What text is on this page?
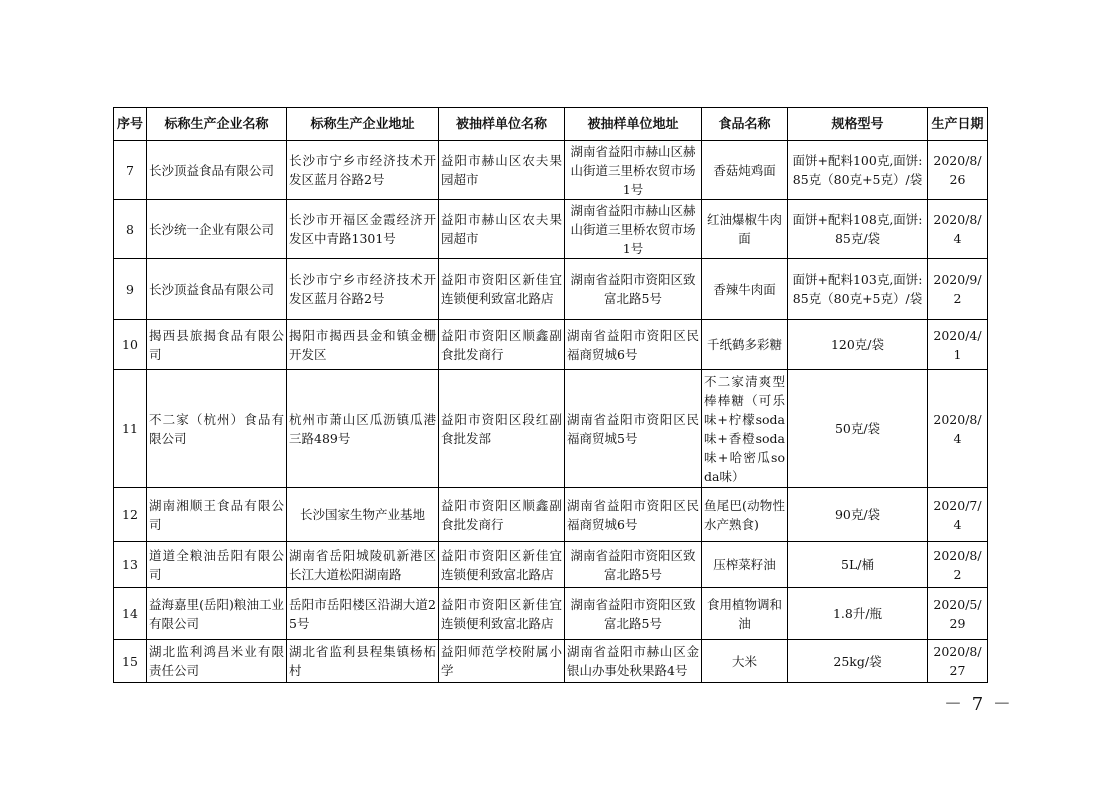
序号	标称生产企业名称	标称生产企业地址	被抽样单位名称	被抽样单位地址	食品名称	规格型号	生产日期
7	长沙顶益食品有限公司	长沙市宁乡市经济技术开发区蓝月谷路2号	益阳市赫山区农夫果园超市	湖南省益阳市赫山区赫山街道三里桥农贸市场1号	香菇炖鸡面	面饼+配料100克,面饼:85克（80克+5克）/袋	2020/8/26
8	长沙统一企业有限公司	长沙市开福区金霞经济开发区中青路1301号	益阳市赫山区农夫果园超市	湖南省益阳市赫山区赫山街道三里桥农贸市场1号	红油爆椒牛肉面	面饼+配料108克,面饼:85克/袋	2020/8/4
9	长沙顶益食品有限公司	长沙市宁乡市经济技术开发区蓝月谷路2号	益阳市资阳区新佳宜连锁便利致富北路店	湖南省益阳市资阳区致富北路5号	香辣牛肉面	面饼+配料103克,面饼:85克（80克+5克）/袋	2020/9/2
10	揭西县旅揭食品有限公司	揭阳市揭西县金和镇金栅开发区	益阳市资阳区顺鑫副食批发商行	湖南省益阳市资阳区民福商贸城6号	千纸鹤多彩糖	120克/袋	2020/4/1
11	不二家（杭州）食品有限公司	杭州市萧山区瓜沥镇瓜港三路489号	益阳市资阳区段红副食批发部	湖南省益阳市资阳区民福商贸城5号	不二家清爽型棒棒糖（可乐味+柠檬soda味+香橙soda味+哈密瓜soda味）	50克/袋	2020/8/4
12	湖南湘顺王食品有限公司	长沙国家生物产业基地	益阳市资阳区顺鑫副食批发商行	湖南省益阳市资阳区民福商贸城6号	鱼尾巴(动物性水产熟食)	90克/袋	2020/7/4
13	道道全粮油岳阳有限公司	湖南省岳阳城陵矶新港区长江大道松阳湖南路	益阳市资阳区新佳宜连锁便利致富北路店	湖南省益阳市资阳区致富北路5号	压榨菜籽油	5L/桶	2020/8/2
14	益海嘉里(岳阳)粮油工业有限公司	岳阳市岳阳楼区沿湖大道25号	益阳市资阳区新佳宜连锁便利致富北路店	湖南省益阳市资阳区致富北路5号	食用植物调和油	1.8升/瓶	2020/5/29
15	湖北监利鸿昌米业有限责任公司	湖北省监利县程集镇杨柘村	益阳师范学校附属小学	湖南省益阳市赫山区金银山办事处秋果路4号	大米	25kg/袋	2020/8/27
－ 7 －
